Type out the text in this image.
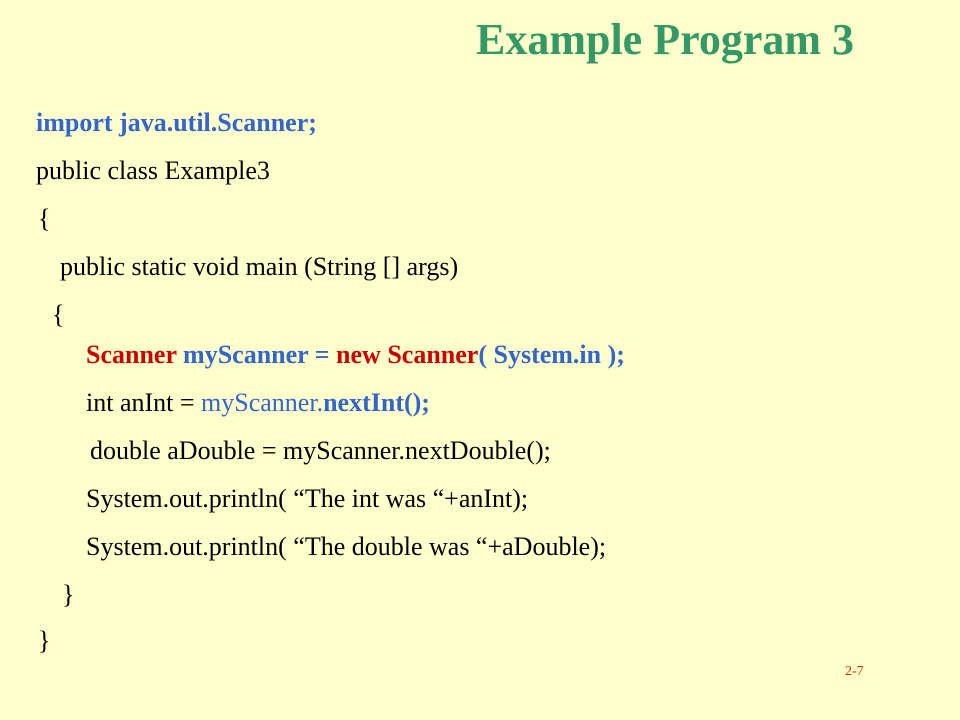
Example Program 3
import java.util.Scanner;
public class Example3
{
public static void main (String [] args)
{
Scanner myScanner = new Scanner( System.in );
int anInt = myScanner.nextInt();
double aDouble = myScanner.nextDouble();
System.out.println( “The int was “+anInt);
System.out.println( “The double was “+aDouble);
}
}
2-7
